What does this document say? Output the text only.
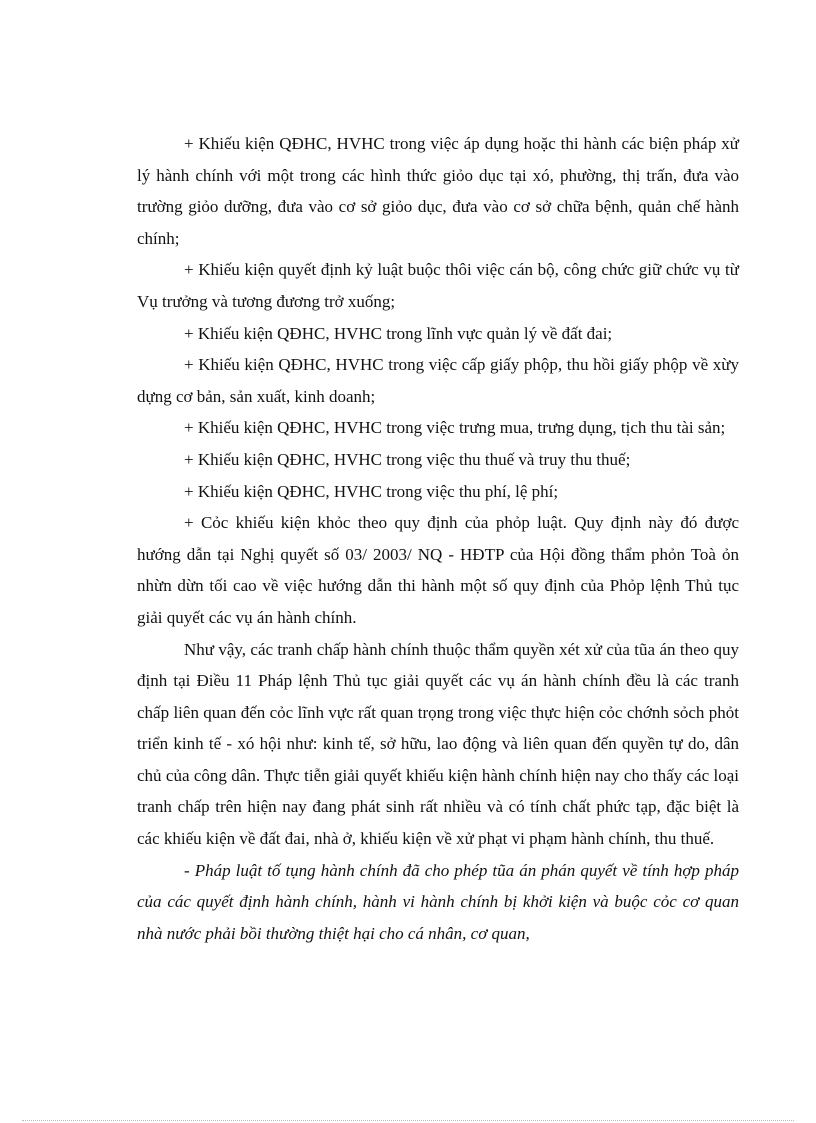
+ Khiếu kiện QĐHC, HVHC trong việc áp dụng hoặc thi hành các biện pháp xử lý hành chính với một trong các hình thức giỏo dục tại xó, phường, thị trấn, đưa vào trường giỏo dưỡng, đưa vào cơ sở giỏo dục, đưa vào cơ sở chữa bệnh, quản chế hành chính;

+ Khiếu kiện quyết định kỷ luật buộc thôi việc cán bộ, công chức giữ chức vụ từ Vụ trưởng và tương đương trở xuống;

+ Khiếu kiện QĐHC, HVHC trong lĩnh vực quản lý về đất đai;

+ Khiếu kiện QĐHC, HVHC trong việc cấp giấy phộp, thu hồi giấy phộp về xừy dựng cơ bản, sản xuất, kinh doanh;

+ Khiếu kiện QĐHC, HVHC trong việc trưng mua, trưng dụng, tịch thu tài sản;

+ Khiếu kiện QĐHC, HVHC trong việc thu thuế và truy thu thuế;

+ Khiếu kiện QĐHC, HVHC trong việc thu phí, lệ phí;

+ Cỏc khiếu kiện khỏc theo quy định của phỏp luật. Quy định này đó được hướng dẫn tại Nghị quyết số 03/ 2003/ NQ - HĐTP của Hội đồng thẩm phỏn Toà ỏn nhừn dừn tối cao về việc hướng dẫn thi hành một số quy định của Phỏp lệnh Thủ tục giải quyết các vụ án hành chính.

Như vậy, các tranh chấp hành chính thuộc thẩm quyền xét xử của tũa án theo quy định tại Điều 11 Pháp lệnh Thủ tục giải quyết các vụ án hành chính đều là các tranh chấp liên quan đến cỏc lĩnh vực rất quan trọng trong việc thực hiện cỏc chớnh sỏch phỏt triển kinh tế - xó hội như: kinh tế, sở hữu, lao động và liên quan đến quyền tự do, dân chủ của công dân. Thực tiễn giải quyết khiếu kiện hành chính hiện nay cho thấy các loại tranh chấp trên hiện nay đang phát sinh rất nhiều và có tính chất phức tạp, đặc biệt là các khiếu kiện về đất đai, nhà ở, khiếu kiện về xử phạt vi phạm hành chính, thu thuế.

- Pháp luật tố tụng hành chính đã cho phép tũa án phán quyết về tính hợp pháp của các quyết định hành chính, hành vi hành chính bị khởi kiện và buộc cỏc cơ quan nhà nước phải bồi thường thiệt hại cho cá nhân, cơ quan,
